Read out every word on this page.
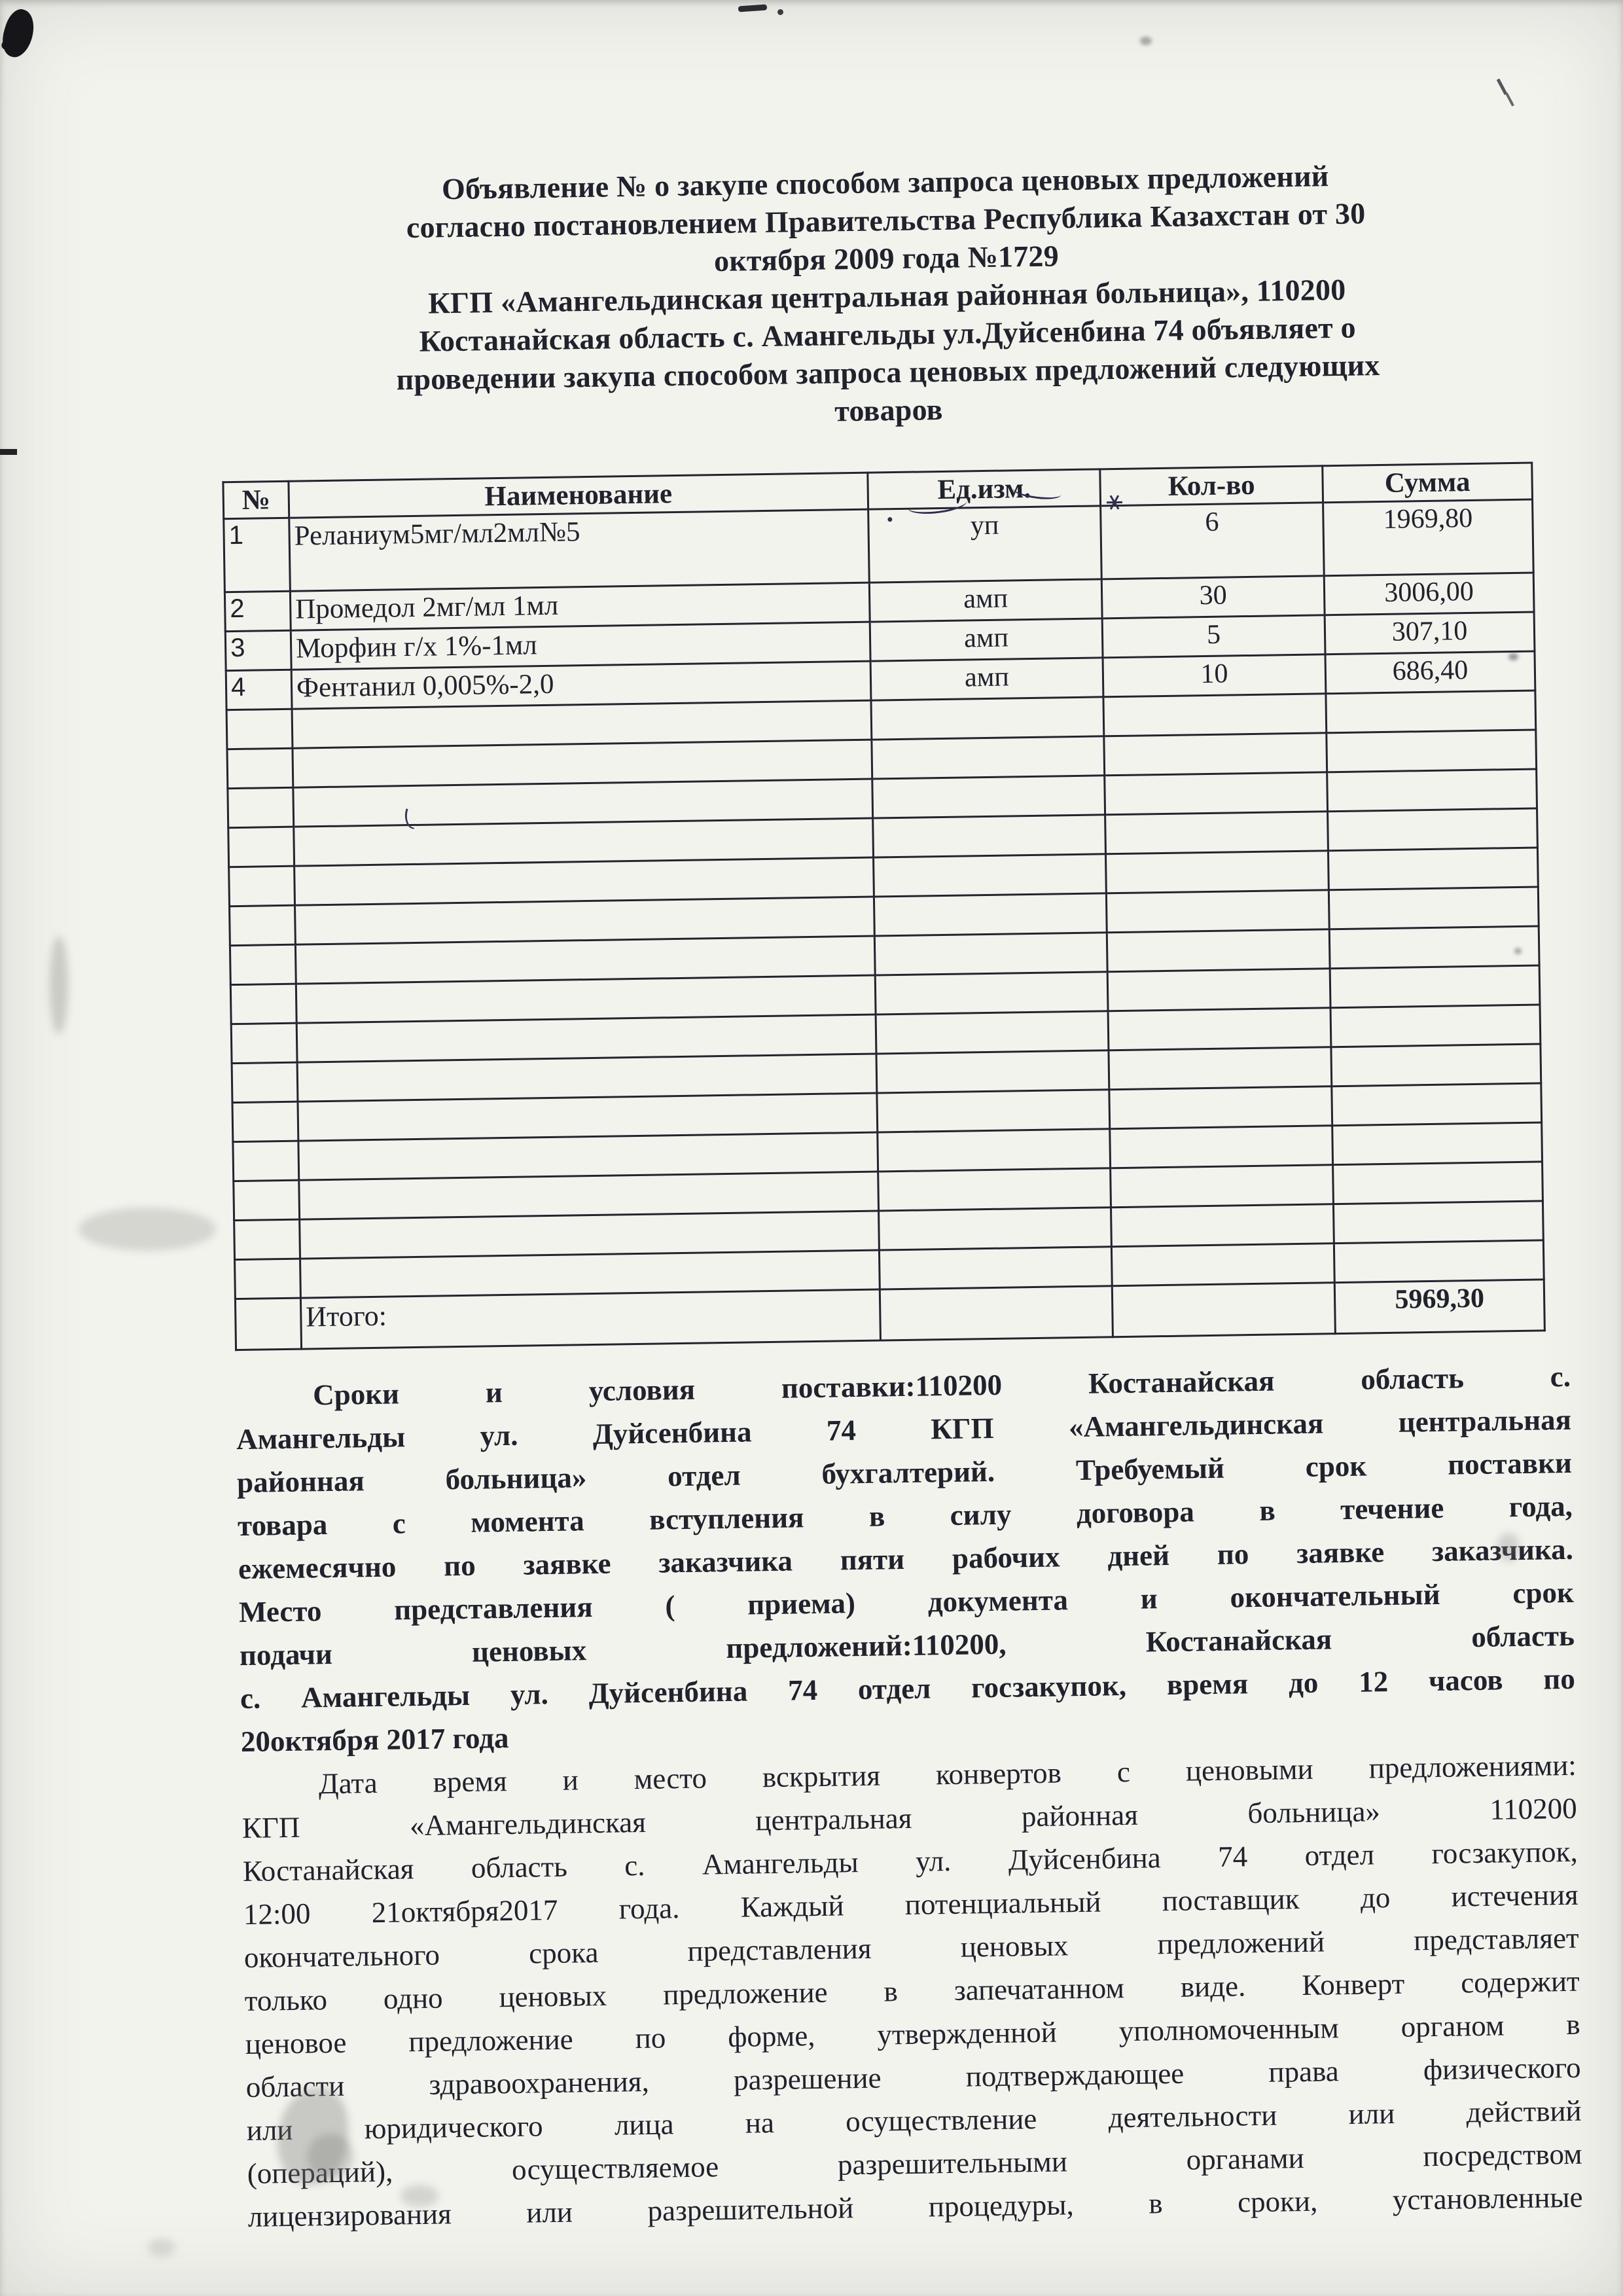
Объявление № о закупе способом запроса ценовых предложений
согласно постановлением Правительства Республика Казахстан от 30
октября 2009 года №1729
КГП «Амангельдинская центральная районная больница», 110200
Костанайская область с. Амангельды ул.Дуйсенбина 74 объявляет о
проведении закупа способом запроса ценовых предложений следующих
товаров
№	Наименование	Ед.изм.	Кол-во	Сумма
1	Реланиум5мг/мл2мл№5	уп	6	1969,80
2	Промедол 2мг/мл 1мл	амп	30	3006,00
3	Морфин г/х 1%-1мл	амп	5	307,10
4	Фентанил 0,005%-2,0	амп	10	686,40

	Итого:			5969,30
Сроки и условия поставки:110200 Костанайская область с.
Амангельды ул. Дуйсенбина 74 КГП «Амангельдинская центральная
районная больница» отдел бухгалтерий. Требуемый срок поставки
товара с момента вступления в силу договора в течение года,
ежемесячно по заявке заказчика пяти рабочих дней по заявке заказчика.
Место представления ( приема) документа и окончательный срок
подачи ценовых предложений:110200, Костанайская область
с. Амангельды ул. Дуйсенбина 74 отдел госзакупок, время до 12 часов по
20октября 2017 года
Дата время и место вскрытия конвертов с ценовыми предложениями:
КГП «Амангельдинская центральная районная больница» 110200
Костанайская область с. Амангельды ул. Дуйсенбина 74 отдел госзакупок,
12:00 21октября2017 года. Каждый потенциальный поставщик до истечения
окончательного срока представления ценовых предложений представляет
только одно ценовых предложение в запечатанном виде. Конверт содержит
ценовое предложение по форме, утвержденной уполномоченным органом в
области здравоохранения, разрешение подтверждающее права физического
или юридического лица на осуществление деятельности или действий
(операций), осуществляемое разрешительными органами посредством
лицензирования или разрешительной процедуры, в сроки, установленные
